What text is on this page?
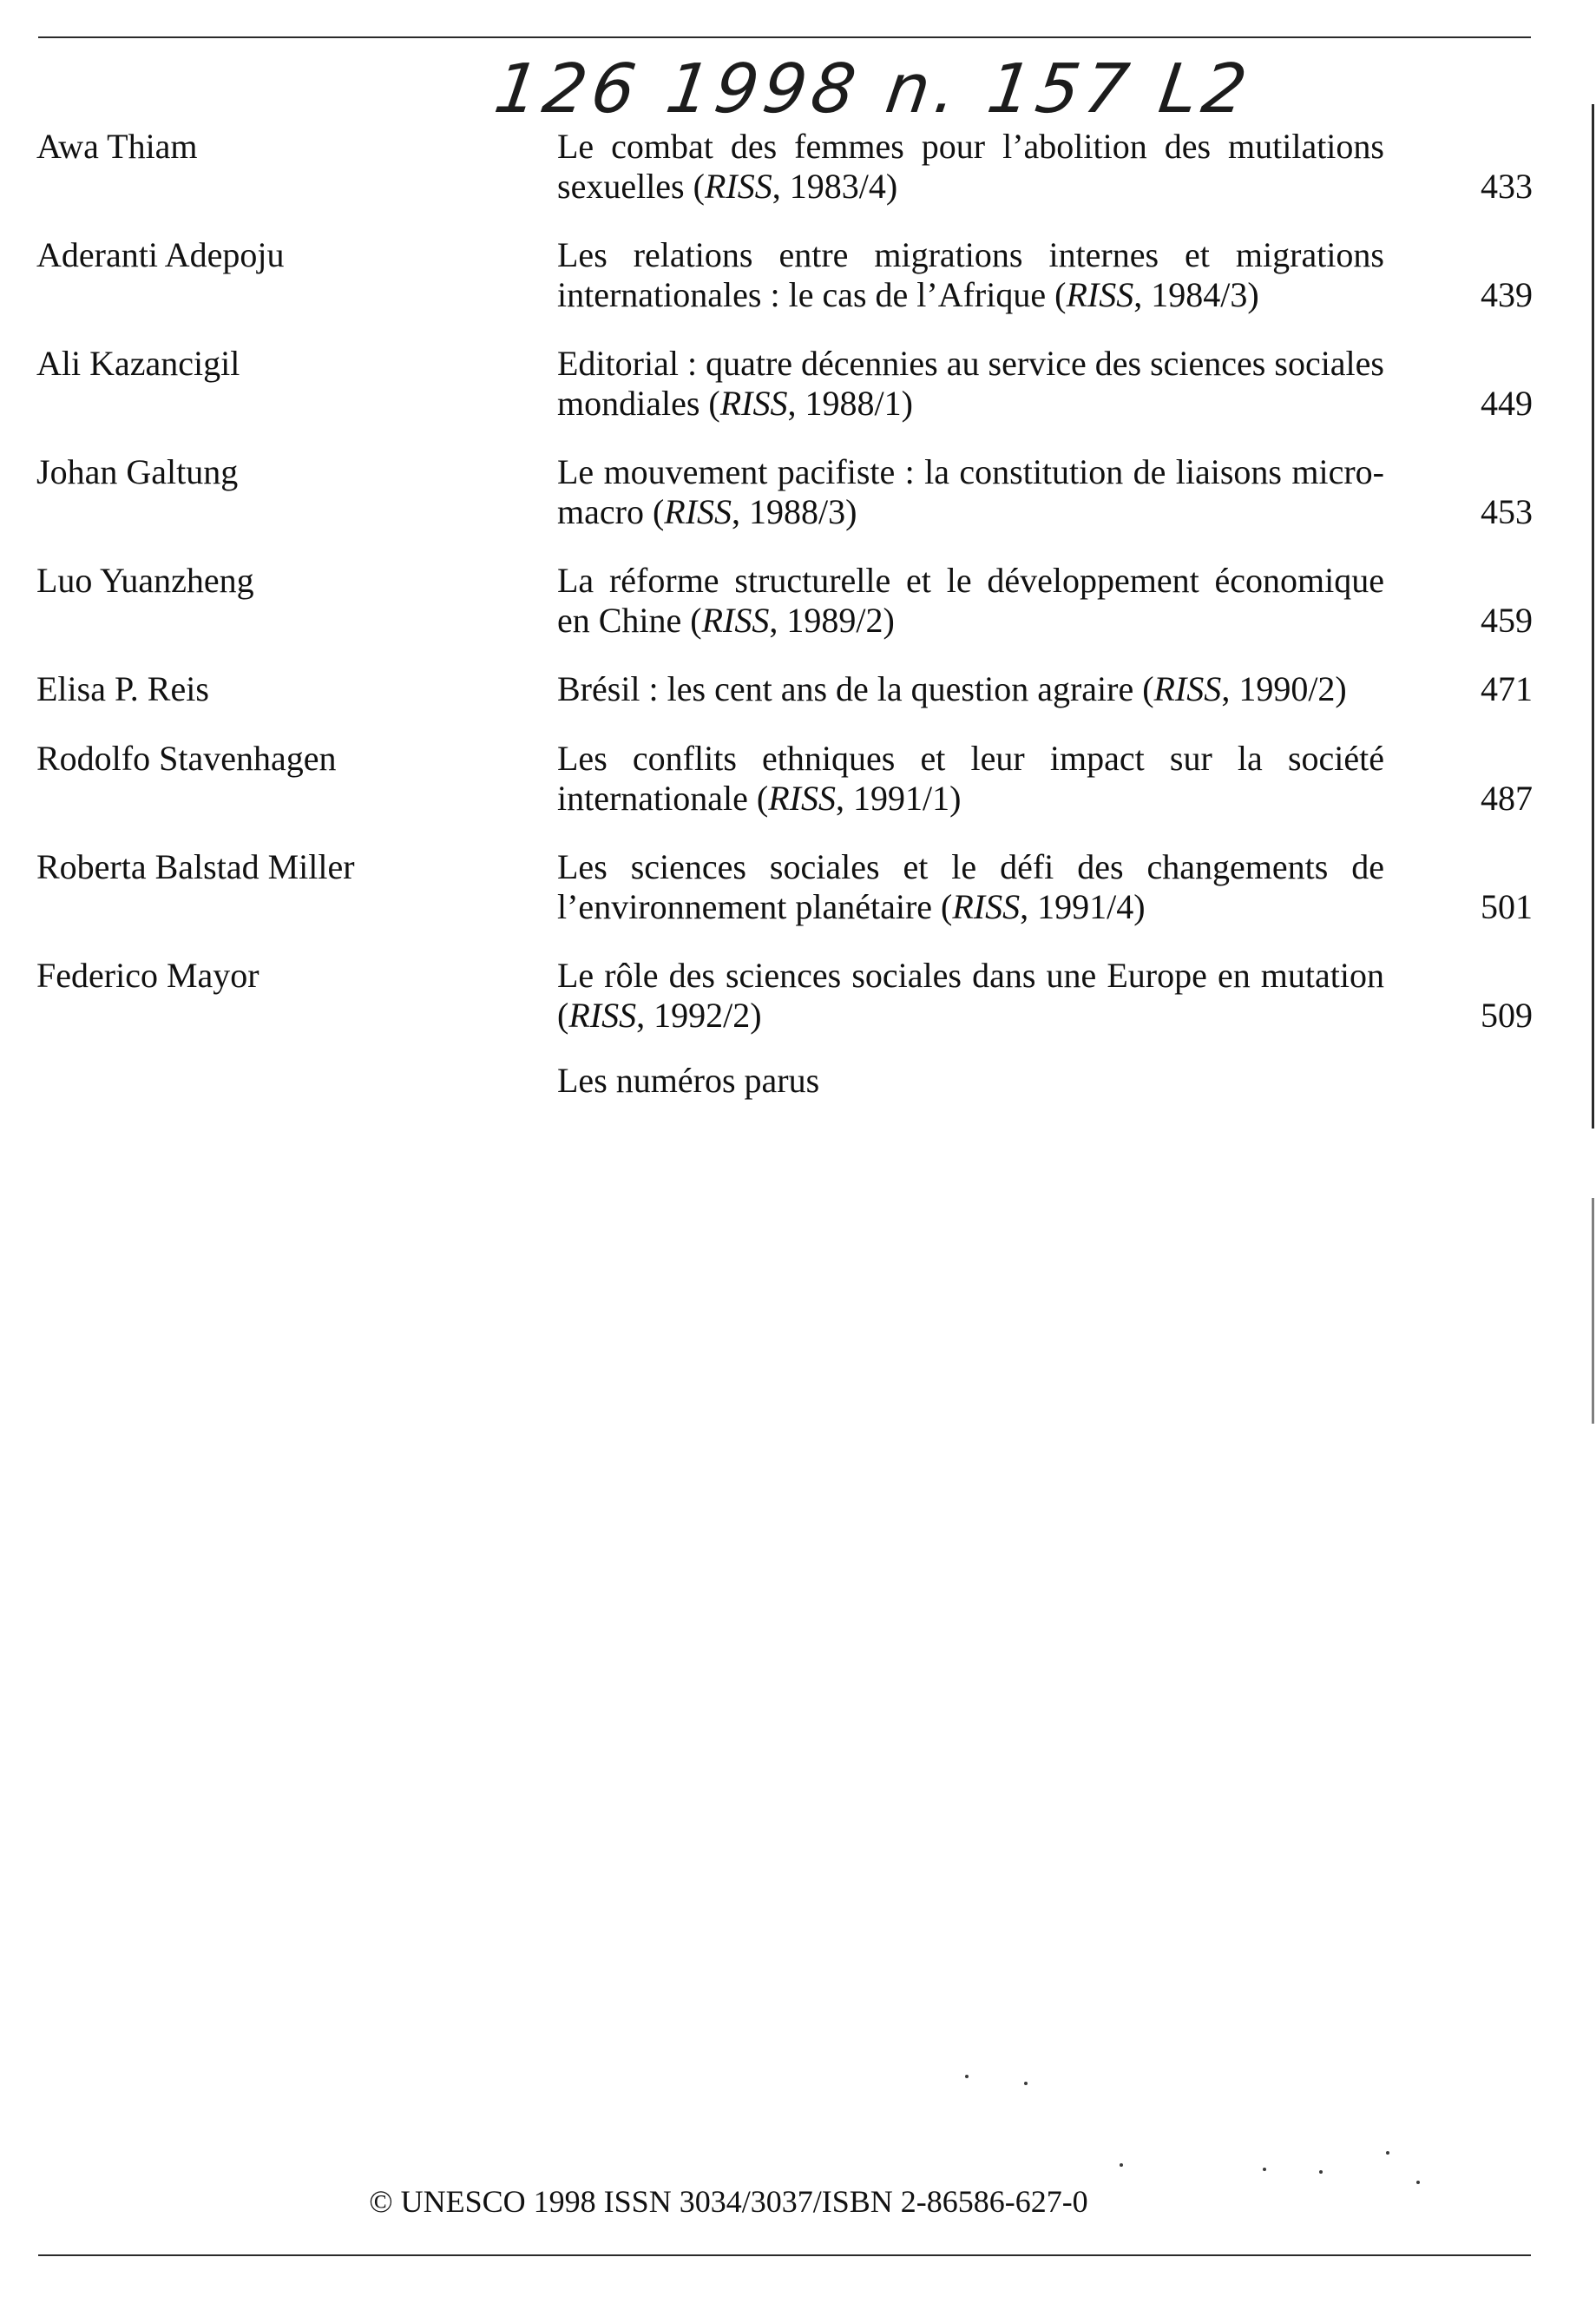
126 1998 n. 157 L2
Awa Thiam	Le combat des femmes pour l’abolition des mutilations sexuelles (RISS, 1983/4)	433
Aderanti Adepoju	Les relations entre migrations internes et migrations internationales : le cas de l’Afrique (RISS, 1984/3)	439
Ali Kazancigil	Editorial : quatre décennies au service des sciences sociales mondiales (RISS, 1988/1)	449
Johan Galtung	Le mouvement pacifiste : la constitution de liaisons micro-macro (RISS, 1988/3)	453
Luo Yuanzheng	La réforme structurelle et le développement économique en Chine (RISS, 1989/2)	459
Elisa P. Reis	Brésil : les cent ans de la question agraire (RISS, 1990/2)	471
Rodolfo Stavenhagen	Les conflits ethniques et leur impact sur la société internationale (RISS, 1991/1)	487
Roberta Balstad Miller	Les sciences sociales et le défi des changements de l’environnement planétaire (RISS, 1991/4)	501
Federico Mayor	Le rôle des sciences sociales dans une Europe en mutation (RISS, 1992/2)	509
Les numéros parus
© UNESCO 1998 ISSN 3034/3037/ISBN 2-86586-627-0
